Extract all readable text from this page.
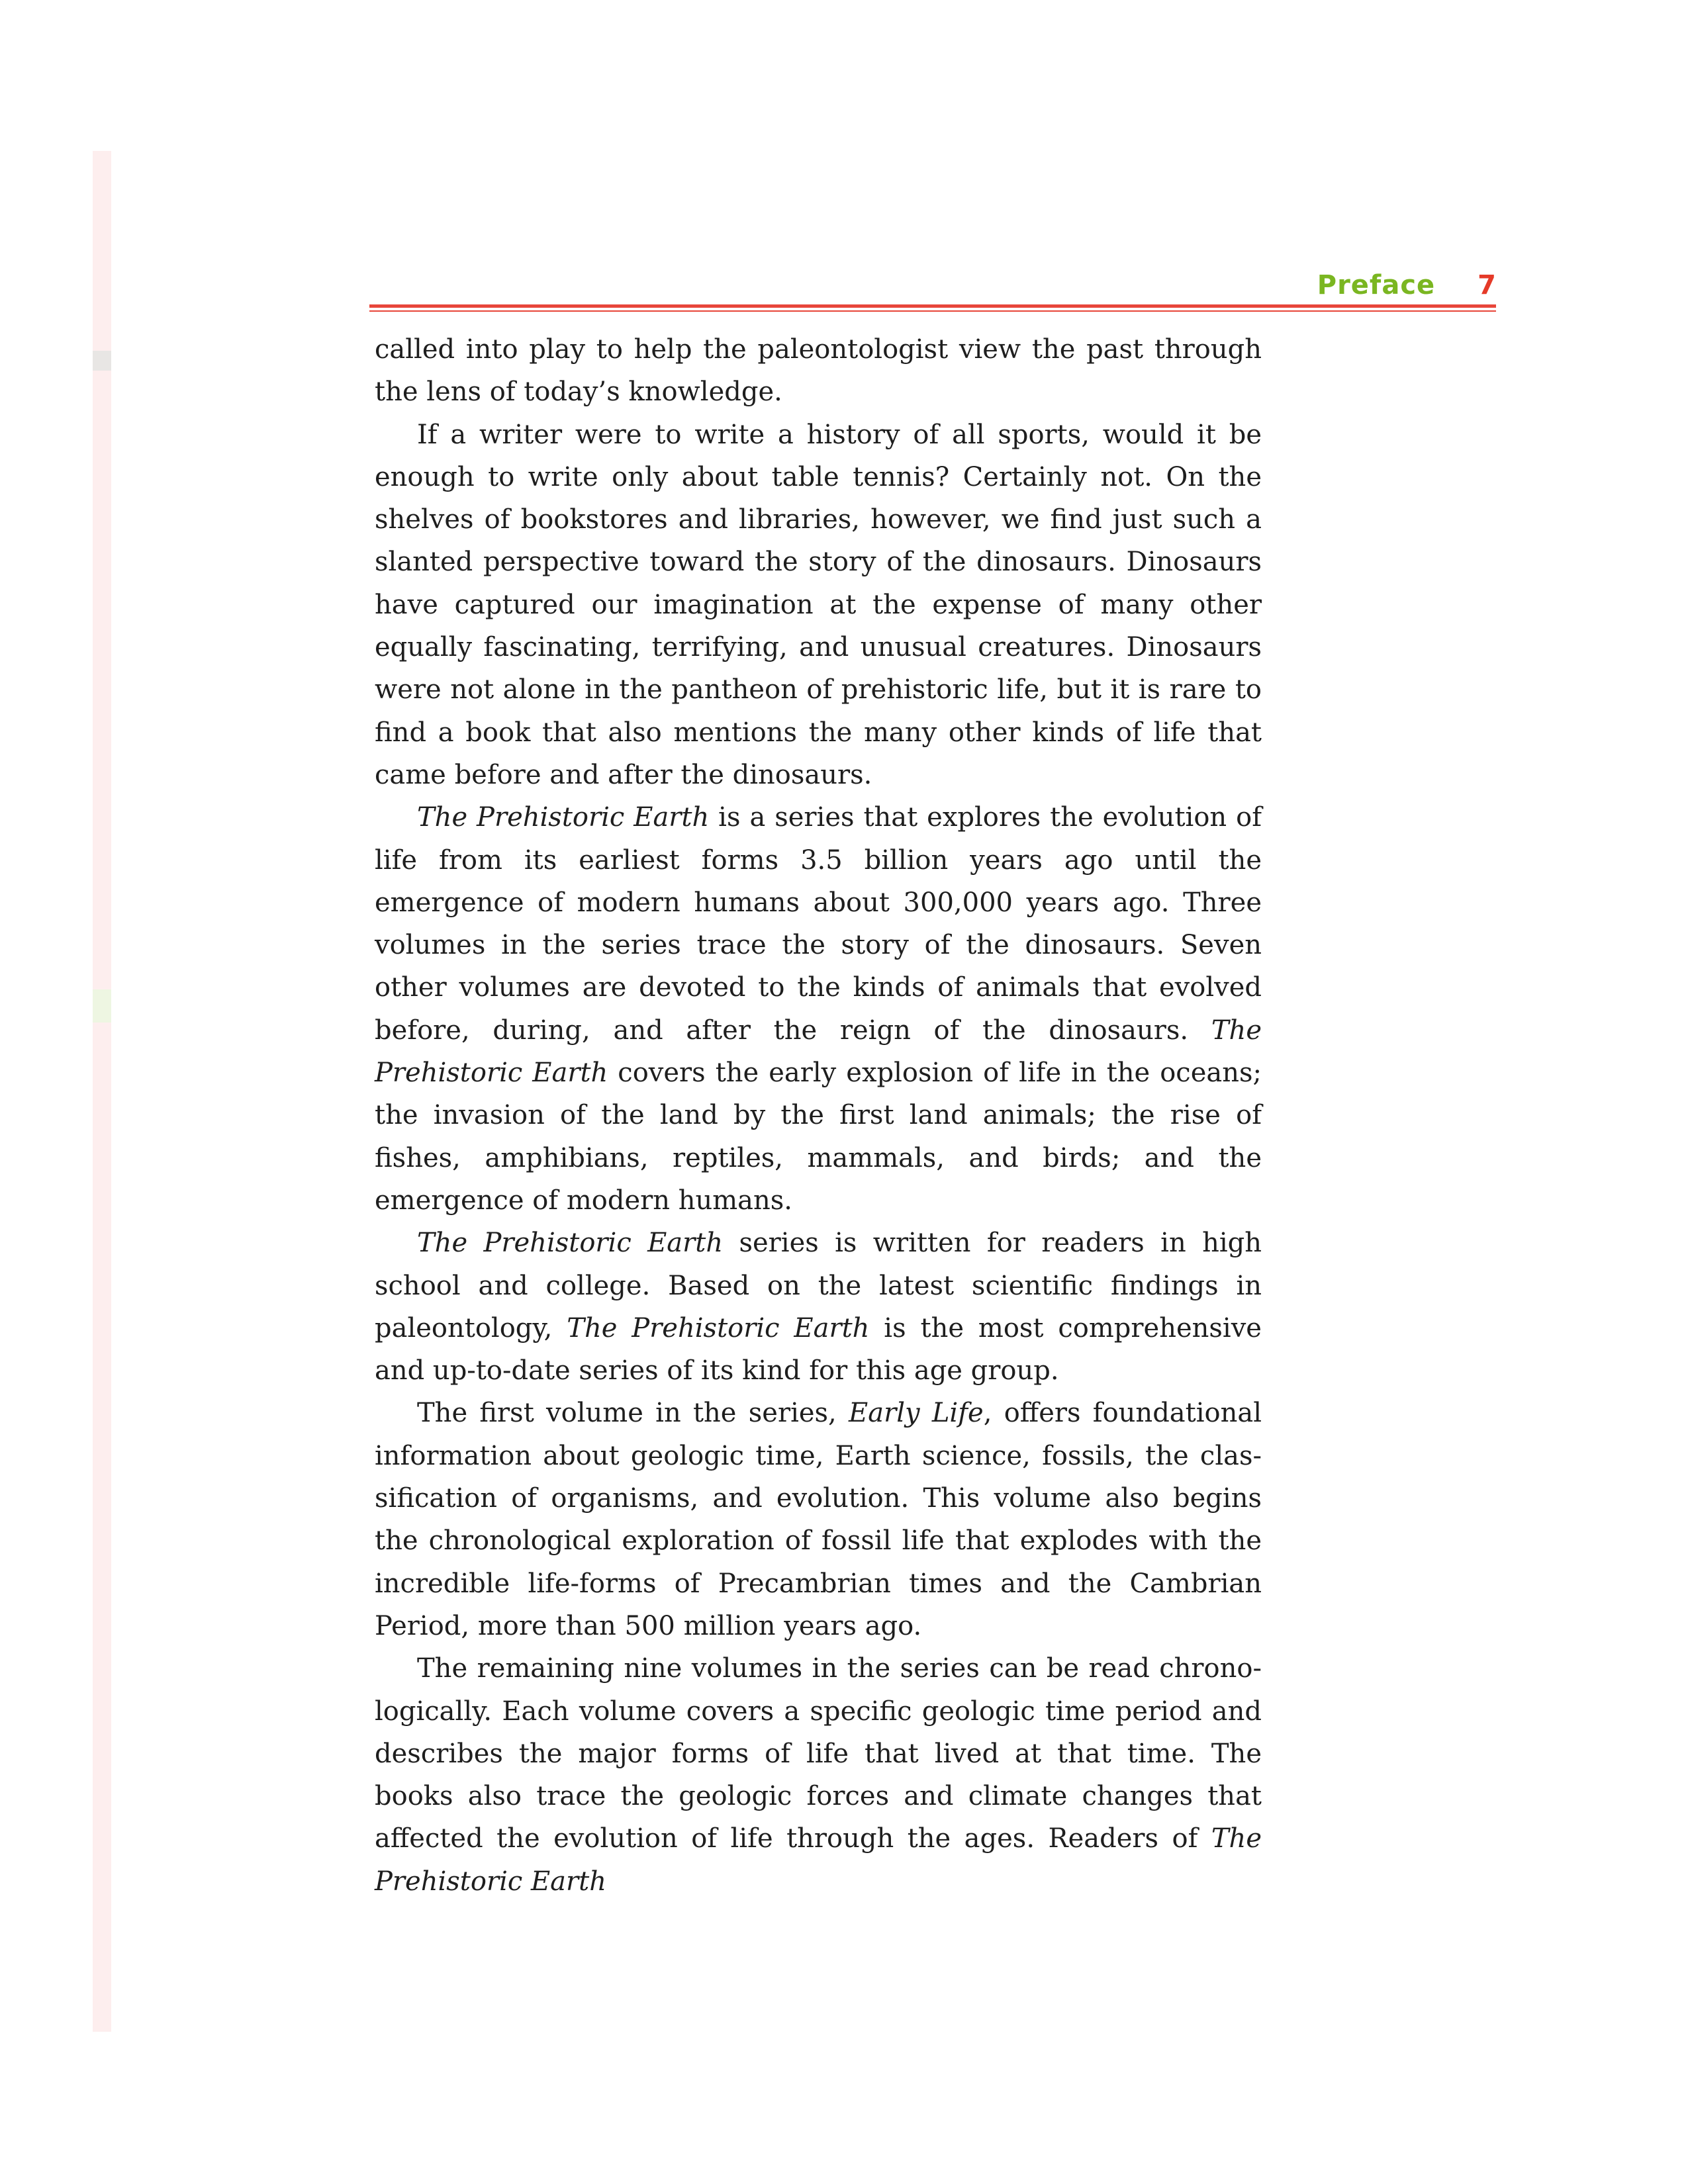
Preface 7

called into play to help the paleontologist view the past through the lens of today’s knowledge.

If a writer were to write a history of all sports, would it be enough to write only about table tennis? Certainly not. On the shelves of bookstores and libraries, however, we find just such a slanted perspective toward the story of the dinosaurs. Dinosaurs have captured our imagination at the expense of many other equally fascinating, terrifying, and unusual creatures. Dinosaurs were not alone in the pantheon of prehistoric life, but it is rare to find a book that also mentions the many other kinds of life that came before and after the dinosaurs.

The Prehistoric Earth is a series that explores the evolution of life from its earliest forms 3.5 billion years ago until the emergence of modern humans about 300,000 years ago. Three volumes in the series trace the story of the dinosaurs. Seven other volumes are devoted to the kinds of animals that evolved before, during, and after the reign of the dinosaurs. The Prehistoric Earth covers the early explosion of life in the oceans; the invasion of the land by the first land animals; the rise of fishes, amphibians, reptiles, mammals, and birds; and the emergence of modern humans.

The Prehistoric Earth series is written for readers in high school and college. Based on the latest scientific findings in paleontology, The Prehistoric Earth is the most comprehensive and up-to-date series of its kind for this age group.

The first volume in the series, Early Life, offers foundational information about geologic time, Earth science, fossils, the classification of organisms, and evolution. This volume also begins the chronological exploration of fossil life that explodes with the incredible life-forms of Precambrian times and the Cambrian Period, more than 500 million years ago.

The remaining nine volumes in the series can be read chronologically. Each volume covers a specific geologic time period and describes the major forms of life that lived at that time. The books also trace the geologic forces and climate changes that affected the evolution of life through the ages. Readers of The Prehistoric Earth
